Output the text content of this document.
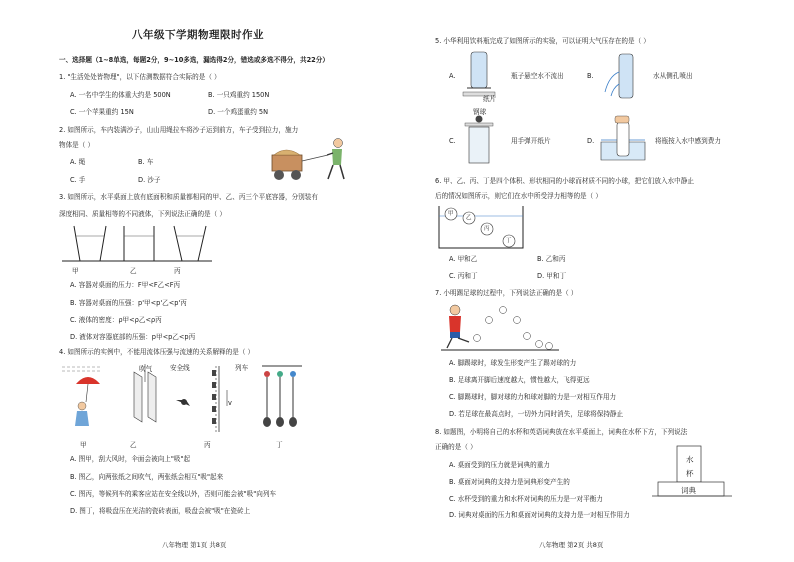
八年级下学期物理限时作业
一、选择题（1~8单选，每题2分，9~10多选，漏选得2分，错选或多选不得分，共22分）
1. "生活处处皆物理"，以下估测数据符合实际的是（ ）
A. 一名中学生的体重大约是 500N	B. 一只鸡重约 150N
C. 一个苹果重约 15N	D. 一个鸡蛋重约 5N
2. 如图所示，车内装满沙子，山山用绳拉车将沙子运到前方，车子受到拉力，施力
物体是（ ）
A. 绳	B. 车
C. 手	D. 沙子
3. 如图所示，水平桌面上放有底面积和质量都相同的甲、乙、丙三个平底容器，分别装有
深度相同、质量相等的不同液体，下列说法正确的是（ ）
甲	乙	丙
A. 容器对桌面的压力：F甲<F乙<F丙
B. 容器对桌面的压强：p'甲<p'乙<p'丙
C. 液体的密度：ρ甲<ρ乙<ρ丙
D. 液体对容器底部的压强：p甲<p乙<p丙
4. 如图所示的实例中，不能用流体压强与流速的关系解释的是（ ）
吹气	安全线	列车
v
甲	乙	丙	丁
A. 图甲，刮大风时，伞面会被向上"吸"起
B. 图乙，向两张纸之间吹气，两张纸会相互"吸"起来
C. 图丙，等候列车的乘客应站在安全线以外，否则可能会被"吸"向列车
D. 图丁，将吸盘压在光洁的瓷砖表面，吸盘会被"吸"在瓷砖上
八年物理 第1页 共8页
5. 小华利用饮料瓶完成了如图所示的实验，可以证明大气压存在的是（ ）
A.
纸片
瓶子悬空水不流出	B.	水从侧孔喷出
C.
钢球
用手弹开纸片	D.	将瓶按入水中感到费力
6. 甲、乙、丙、丁是四个体积、形状相同的小球而材质不同的小球，把它们放入水中静止
后的情况如图所示，则它们在水中所受浮力相等的是（ ）
甲
乙
丙
丁
A. 甲和乙	B. 乙和丙
C. 丙和丁	D. 甲和丁
7. 小明踢足球的过程中，下列说法正确的是（ ）
A. 脚踢球时，球发生形变产生了踢对球的力
B. 足球离开脚后速度越大，惯性越大，飞得更远
C. 脚踢球时，脚对球的力和球对脚的力是一对相互作用力
D. 若足球在最高点时，一切外力同时消失，足球将保持静止
8. 如题图，小明将自己的水杯和英语词典放在水平桌面上，词典在水杯下方，下列说法
正确的是（ ）
水
杯
词典
A. 桌面受到的压力就是词典的重力
B. 桌面对词典的支持力是词典形变产生的
C. 水杯受到的重力和水杯对词典的压力是一对平衡力
D. 词典对桌面的压力和桌面对词典的支持力是一对相互作用力
八年物理 第2页 共8页
